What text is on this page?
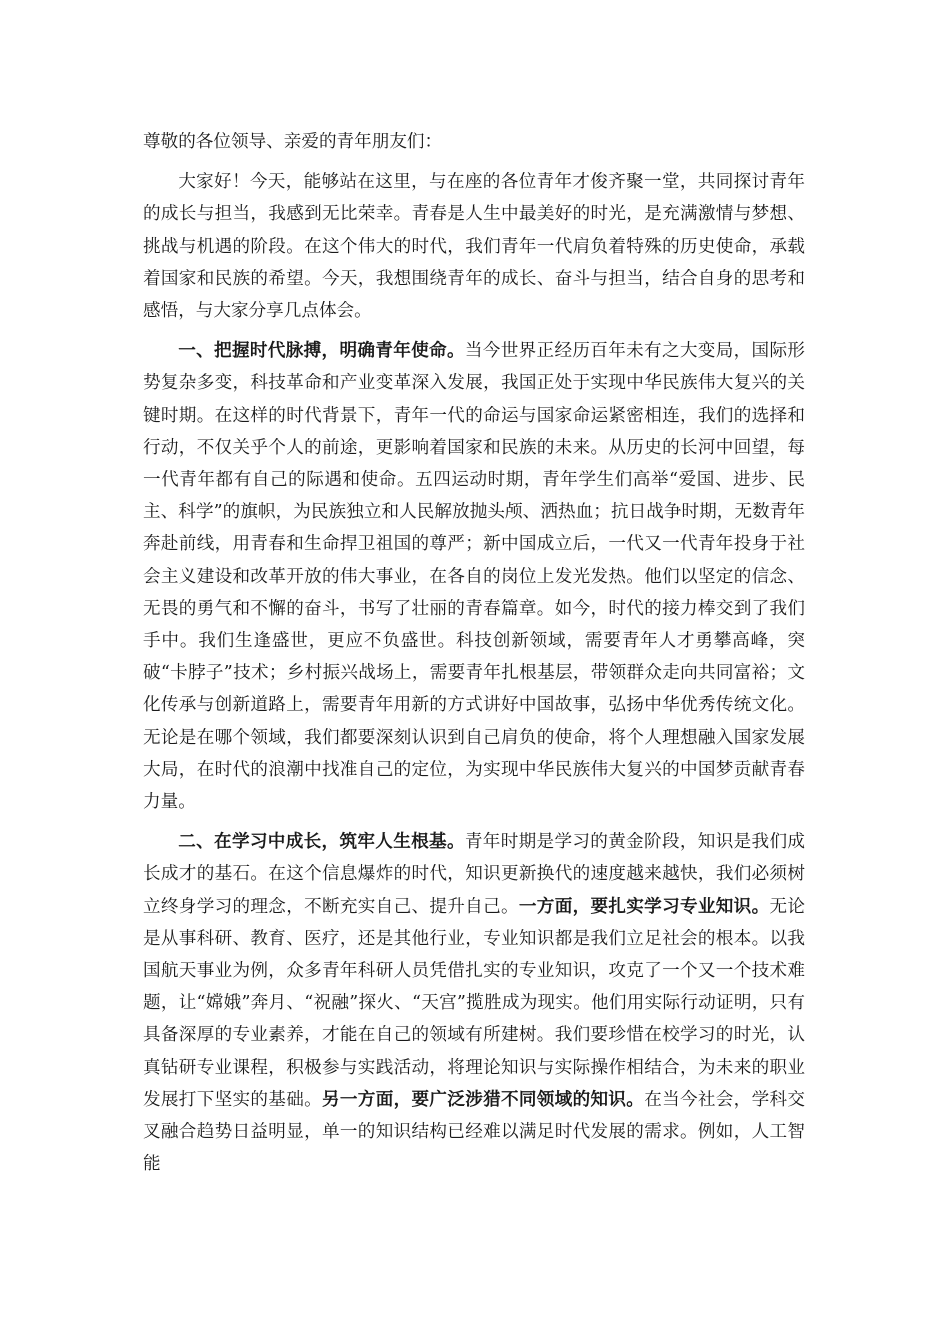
尊敬的各位领导、亲爱的青年朋友们：

大家好！今天，能够站在这里，与在座的各位青年才俊齐聚一堂，共同探讨青年的成长与担当，我感到无比荣幸。青春是人生中最美好的时光，是充满激情与梦想、挑战与机遇的阶段。在这个伟大的时代，我们青年一代肩负着特殊的历史使命，承载着国家和民族的希望。今天，我想围绕青年的成长、奋斗与担当，结合自身的思考和感悟，与大家分享几点体会。

一、把握时代脉搏，明确青年使命。当今世界正经历百年未有之大变局，国际形势复杂多变，科技革命和产业变革深入发展，我国正处于实现中华民族伟大复兴的关键时期。在这样的时代背景下，青年一代的命运与国家命运紧密相连，我们的选择和行动，不仅关乎个人的前途，更影响着国家和民族的未来。从历史的长河中回望，每一代青年都有自己的际遇和使命。五四运动时期，青年学生们高举“爱国、进步、民主、科学”的旗帜，为民族独立和人民解放抛头颅、洒热血；抗日战争时期，无数青年奔赴前线，用青春和生命捍卫祖国的尊严；新中国成立后，一代又一代青年投身于社会主义建设和改革开放的伟大事业，在各自的岗位上发光发热。他们以坚定的信念、无畏的勇气和不懈的奋斗，书写了壮丽的青春篇章。如今，时代的接力棒交到了我们手中。我们生逢盛世，更应不负盛世。科技创新领域，需要青年人才勇攀高峰，突破“卡脖子”技术；乡村振兴战场上，需要青年扎根基层，带领群众走向共同富裕；文化传承与创新道路上，需要青年用新的方式讲好中国故事，弘扬中华优秀传统文化。无论是在哪个领域，我们都要深刻认识到自己肩负的使命，将个人理想融入国家发展大局，在时代的浪潮中找准自己的定位，为实现中华民族伟大复兴的中国梦贡献青春力量。

二、在学习中成长，筑牢人生根基。青年时期是学习的黄金阶段，知识是我们成长成才的基石。在这个信息爆炸的时代，知识更新换代的速度越来越快，我们必须树立终身学习的理念，不断充实自己、提升自己。一方面，要扎实学习专业知识。无论是从事科研、教育、医疗，还是其他行业，专业知识都是我们立足社会的根本。以我国航天事业为例，众多青年科研人员凭借扎实的专业知识，攻克了一个又一个技术难题，让“嫦娥”奔月、“祝融”探火、“天宫”揽胜成为现实。他们用实际行动证明，只有具备深厚的专业素养，才能在自己的领域有所建树。我们要珍惜在校学习的时光，认真钻研专业课程，积极参与实践活动，将理论知识与实际操作相结合，为未来的职业发展打下坚实的基础。另一方面，要广泛涉猎不同领域的知识。在当今社会，学科交叉融合趋势日益明显，单一的知识结构已经难以满足时代发展的需求。例如，人工智能
